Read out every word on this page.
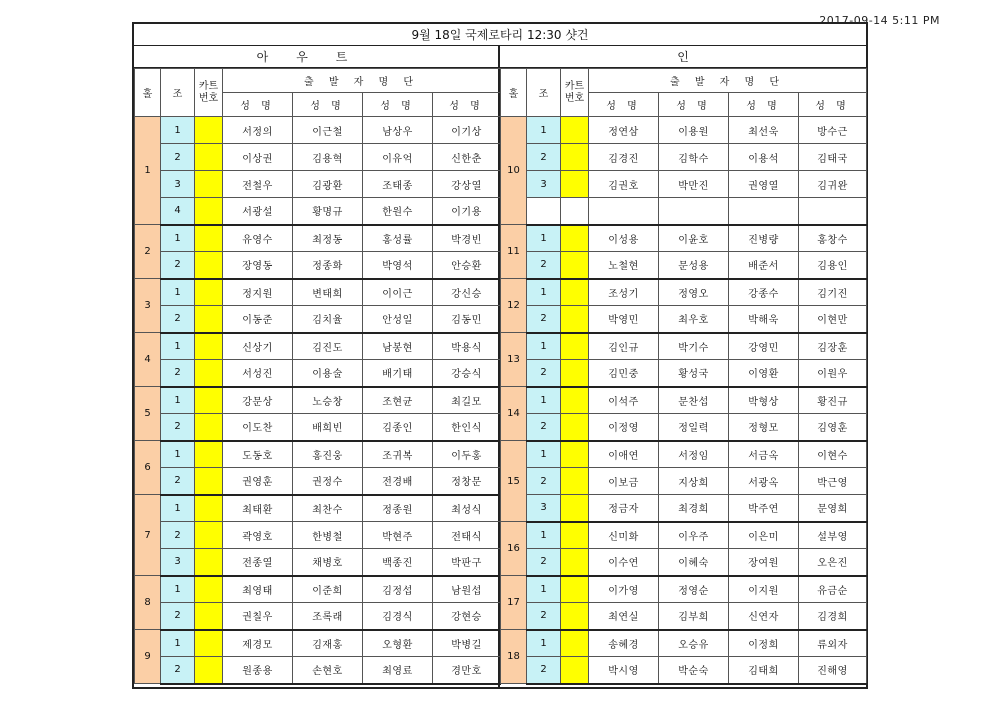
2017-09-14 5:11 PM
9월 18일 국제로타리 12:30 샷건
아우트	인
홀	조	카트
번호	출 발 자 명 단			
			성 명	성 명	성 명	성 명
1	1		서정의	이근철	남상우	이기상
	2		이상권	김용혁	이유억	신한춘
	3		전철우	김광환	조태종	강상열
	4		서광설	황명규	한원수	이기용
2	1		유영수	최정동	홍성률	박경빈
	2		장영동	정종화	박영석	안승환
3	1		정지원	변태희	이이근	강신승
	2		이동준	김치율	안성일	김동민
4	1		신상기	김진도	남봉현	박용식
	2		서성진	이용술	배기태	강승식
5	1		강문상	노승창	조현균	최길모
	2		이도찬	배희빈	김종인	한인식
6	1		도동호	홍진웅	조귀복	이두홍
	2		권영훈	권정수	전경배	정창문
7	1		최태환	최찬수	정종원	최성식
	2		곽영호	한병철	박현주	전태식
	3		전종열	채병호	백종진	박판구
8	1		최영태	이준희	김정섭	남원섭
	2		권칠우	조록래	김경식	강현승
9	1		제경모	김재홍	오형환	박병길
	2		원종용	손현호	최영료	경만호
홀	조	카트
번호	출 발 자 명 단			
			성 명	성 명	성 명	성 명
10	1		정연삼	이용원	최선욱	방수근
	2		김경진	김학수	이용석	김태국
	3		김권호	박만진	권영열	김귀완

11	1		이성용	이윤호	진병량	홍창수
	2		노철현	문성용	배준서	김용인
12	1		조성기	정영오	강종수	김기진
	2		박영민	최우호	박해욱	이현만
13	1		김인규	박기수	강영민	김장훈
	2		김민중	황성국	이영환	이원우
14	1		이석주	문찬섭	박형상	황진규
	2		이정영	정일력	정형모	김영훈
15	1		이애연	서정임	서금옥	이현수
	2		이보금	지상희	서광옥	박근영
	3		정금자	최경희	박주연	문영희
16	1		신미화	이우주	이은미	설부영
	2		이수연	이혜숙	장여원	오은진
17	1		이가영	정영순	이지원	유금순
	2		최연실	김부희	신연자	김경희
18	1		송혜경	오승유	이정희	류외자
	2		박시영	박순숙	김태희	진해영
